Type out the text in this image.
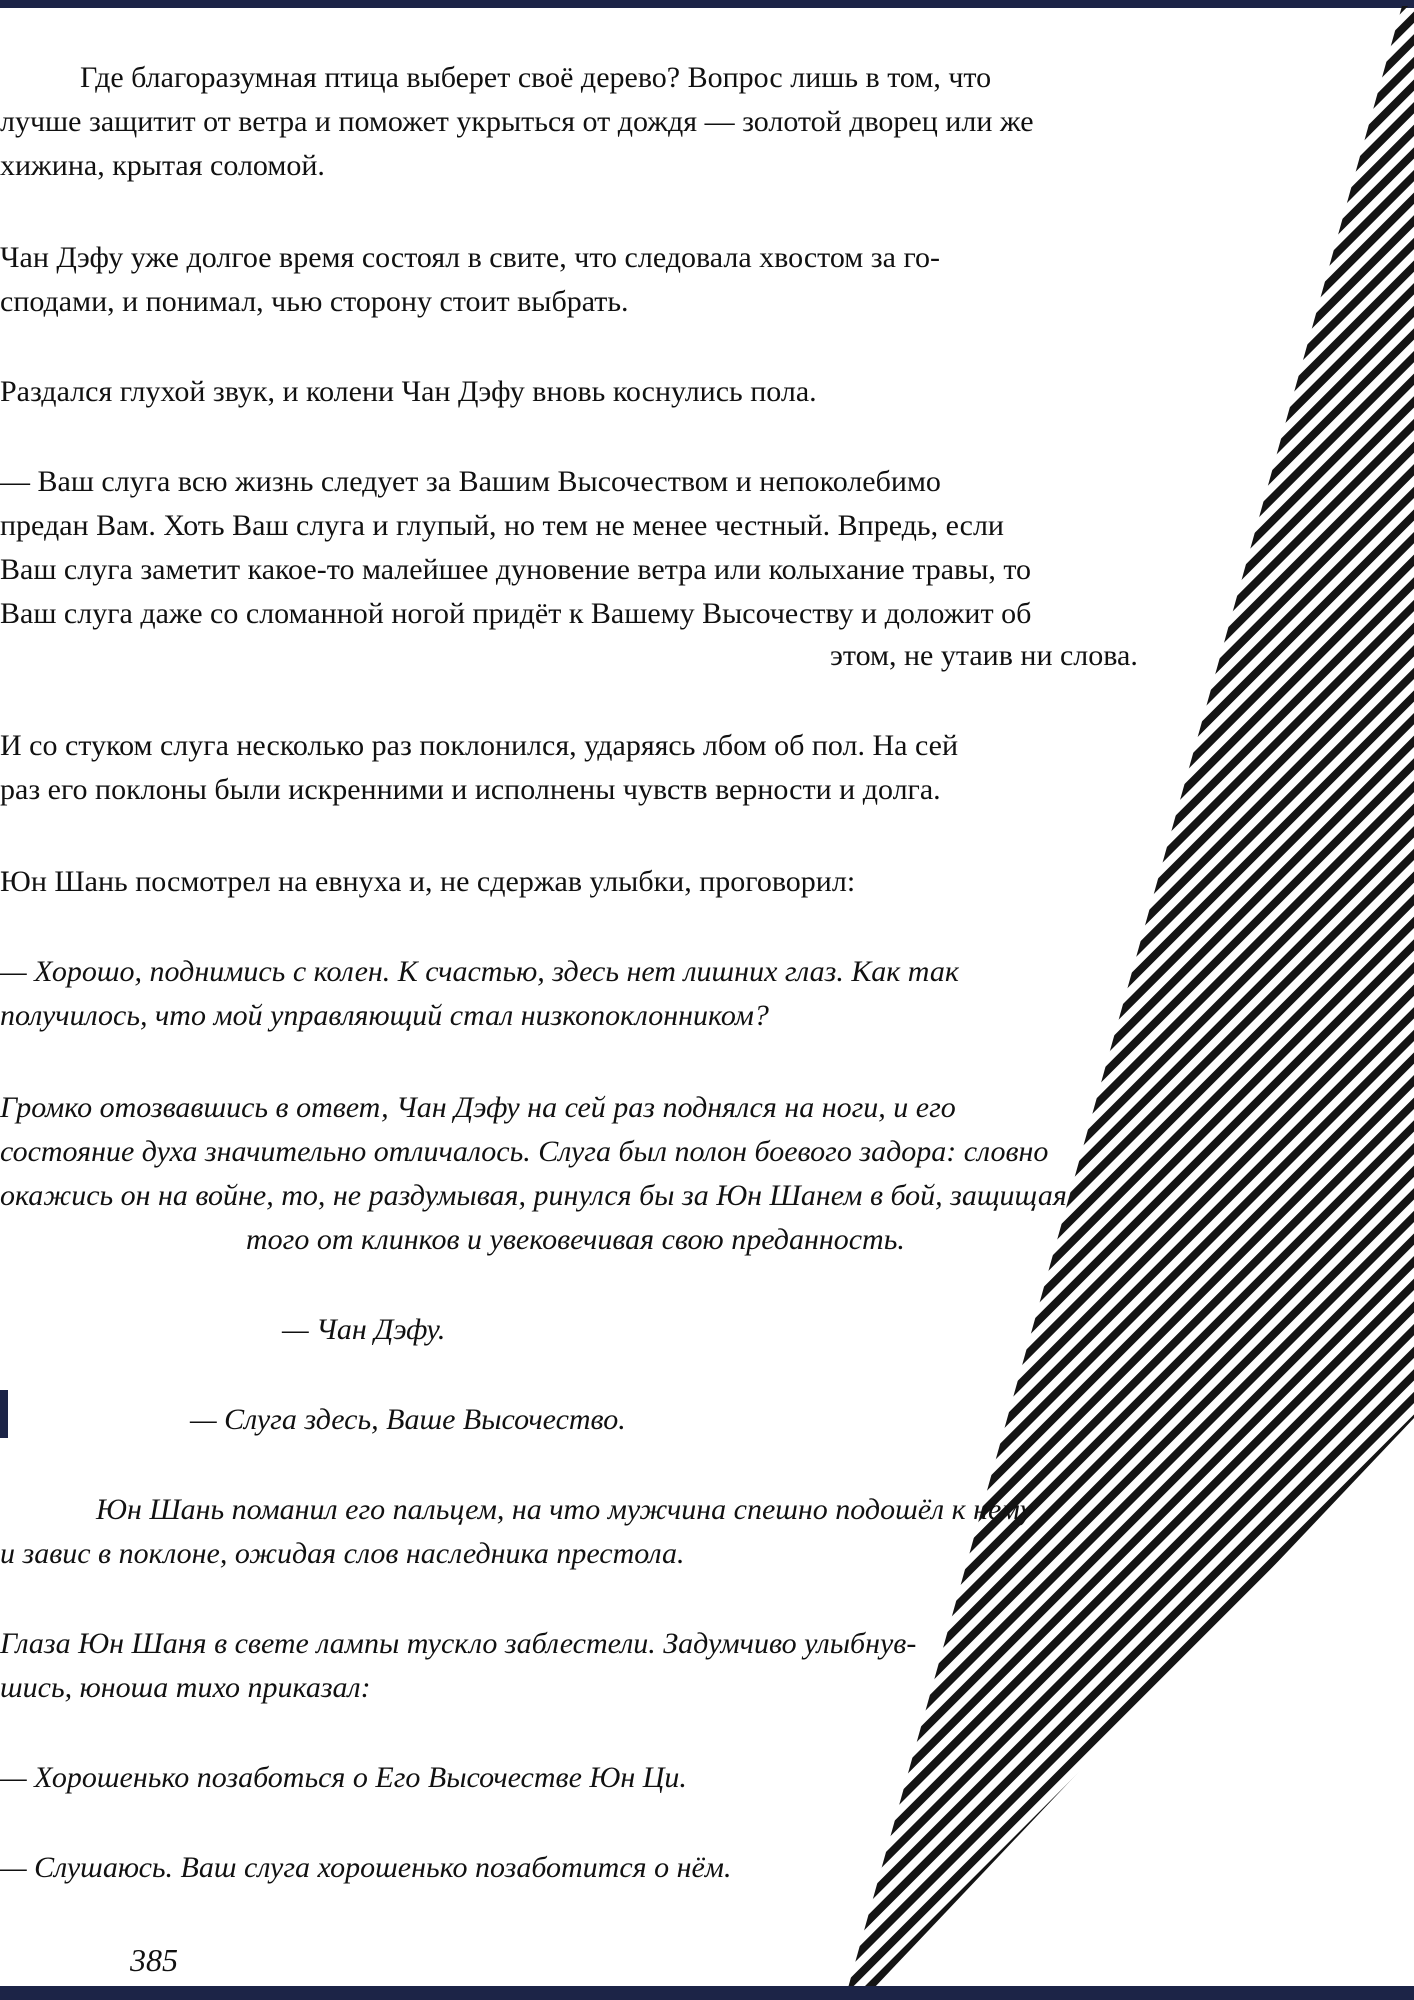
Где благоразумная птица выберет своё дерево? Вопрос лишь в том, что
лучше защитит от ветра и поможет укрыться от дождя — золотой дворец или же
хижина, крытая соломой.
Чан Дэфу уже долгое время состоял в свите, что следовала хвостом за го-
сподами, и понимал, чью сторону стоит выбрать.
Раздался глухой звук, и колени Чан Дэфу вновь коснулись пола.
— Ваш слуга всю жизнь следует за Вашим Высочеством и непоколебимо
предан Вам. Хоть Ваш слуга и глупый, но тем не менее честный. Впредь, если
Ваш слуга заметит какое-то малейшее дуновение ветра или колыхание травы, то
Ваш слуга даже со сломанной ногой придёт к Вашему Высочеству и доложит об
этом, не утаив ни слова.
И со стуком слуга несколько раз поклонился, ударяясь лбом об пол. На сей
раз его поклоны были искренними и исполнены чувств верности и долга.
Юн Шань посмотрел на евнуха и, не сдержав улыбки, проговорил:
— Хорошо, поднимись с колен. К счастью, здесь нет лишних глаз. Как так
получилось, что мой управляющий стал низкопоклонником?
Громко отозвавшись в ответ, Чан Дэфу на сей раз поднялся на ноги, и его
состояние духа значительно отличалось. Слуга был полон боевого задора: словно
окажись он на войне, то, не раздумывая, ринулся бы за Юн Шанем в бой, защищая
того от клинков и увековечивая свою преданность.
— Чан Дэфу.
— Слуга здесь, Ваше Высочество.
Юн Шань поманил его пальцем, на что мужчина спешно подошёл к нему
и завис в поклоне, ожидая слов наследника престола.
Глаза Юн Шаня в свете лампы тускло заблестели. Задумчиво улыбнув-
шись, юноша тихо приказал:
— Хорошенько позаботься о Его Высочестве Юн Ци.
— Слушаюсь. Ваш слуга хорошенько позаботится о нём.
385
